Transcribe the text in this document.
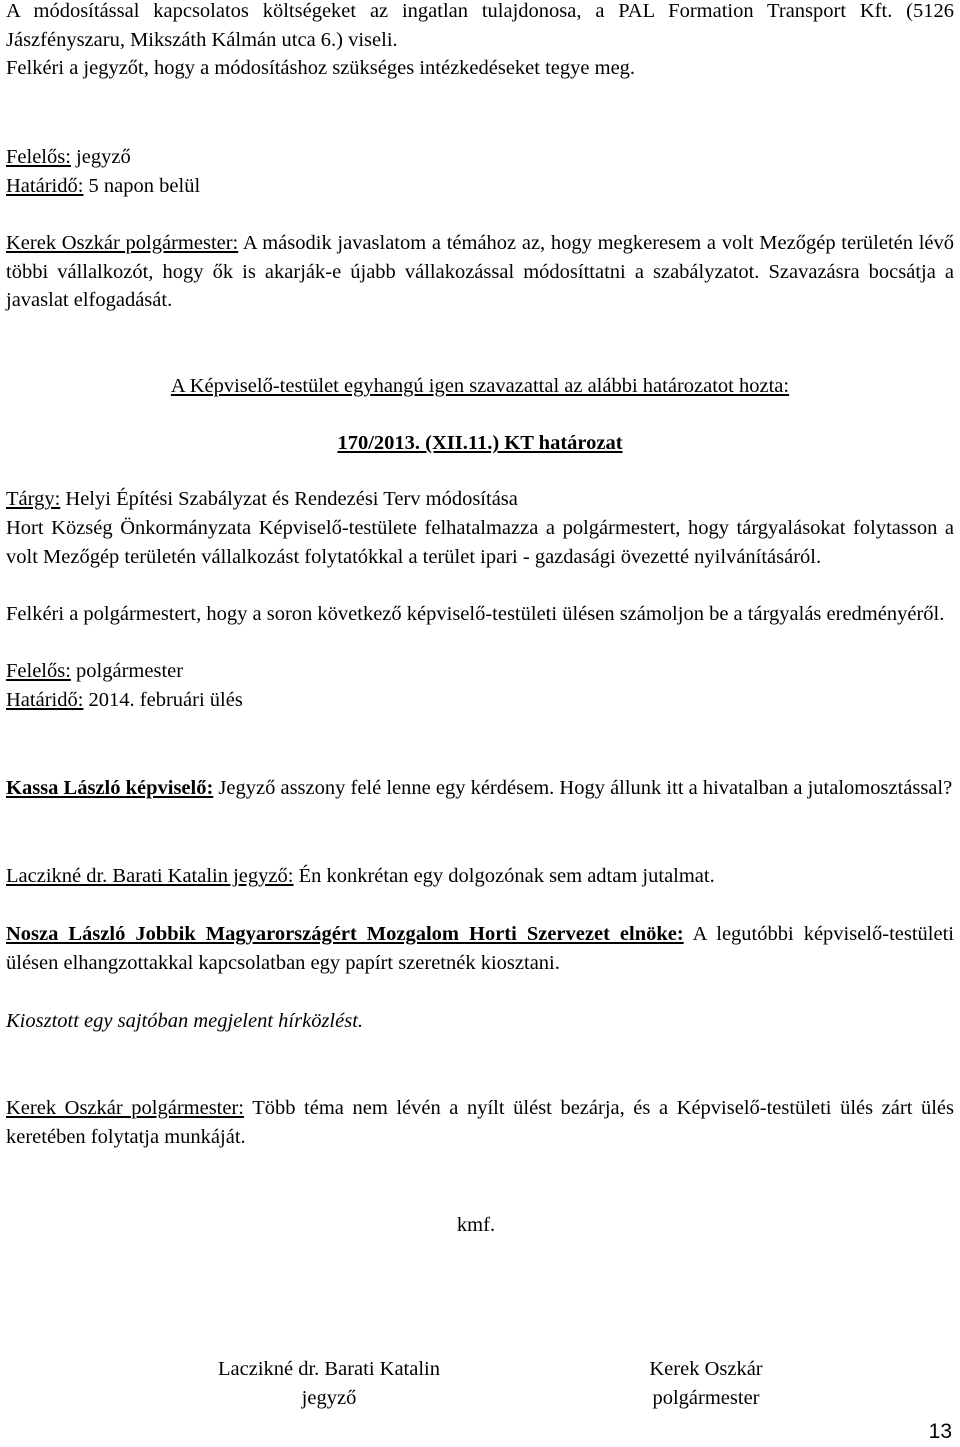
A módosítással kapcsolatos költségeket az ingatlan tulajdonosa, a PAL Formation Transport Kft. (5126 Jászfényszaru, Mikszáth Kálmán utca 6.) viseli.
Felkéri a jegyzőt, hogy a módosításhoz szükséges intézkedéseket tegye meg.
Felelős: jegyző
Határidő: 5 napon belül
Kerek Oszkár polgármester: A második javaslatom a témához az, hogy megkeresem a volt Mezőgép területén lévő többi vállalkozót, hogy ők is akarják-e újabb vállakozással módosíttatni a szabályzatot. Szavazásra bocsátja a javaslat elfogadását.
A Képviselő-testület egyhangú igen szavazattal az alábbi határozatot hozta:
170/2013. (XII.11.) KT határozat
Tárgy: Helyi Építési Szabályzat és Rendezési Terv módosítása
Hort Község Önkormányzata Képviselő-testülete felhatalmazza a polgármestert, hogy tárgyalásokat folytasson a volt Mezőgép területén vállalkozást folytatókkal a terület ipari - gazdasági övezetté nyilvánításáról.
Felkéri a polgármestert, hogy a soron következő képviselő-testületi ülésen számoljon be a tárgyalás eredményéről.
Felelős: polgármester
Határidő: 2014. februári ülés
Kassa László képviselő: Jegyző asszony felé lenne egy kérdésem. Hogy állunk itt a hivatalban a jutalomosztással?
Laczikné dr. Barati Katalin jegyző: Én konkrétan egy dolgozónak sem adtam jutalmat.
Nosza László Jobbik Magyarországért Mozgalom Horti Szervezet elnöke: A legutóbbi képviselő-testületi ülésen elhangzottakkal kapcsolatban egy papírt szeretnék kiosztani.
Kiosztott egy sajtóban megjelent hírközlést.
Kerek Oszkár polgármester: Több téma nem lévén a nyílt ülést bezárja, és a Képviselő-testületi ülés zárt ülés keretében folytatja munkáját.
kmf.
Laczikné dr. Barati Katalin
jegyző
Kerek Oszkár
polgármester
13
